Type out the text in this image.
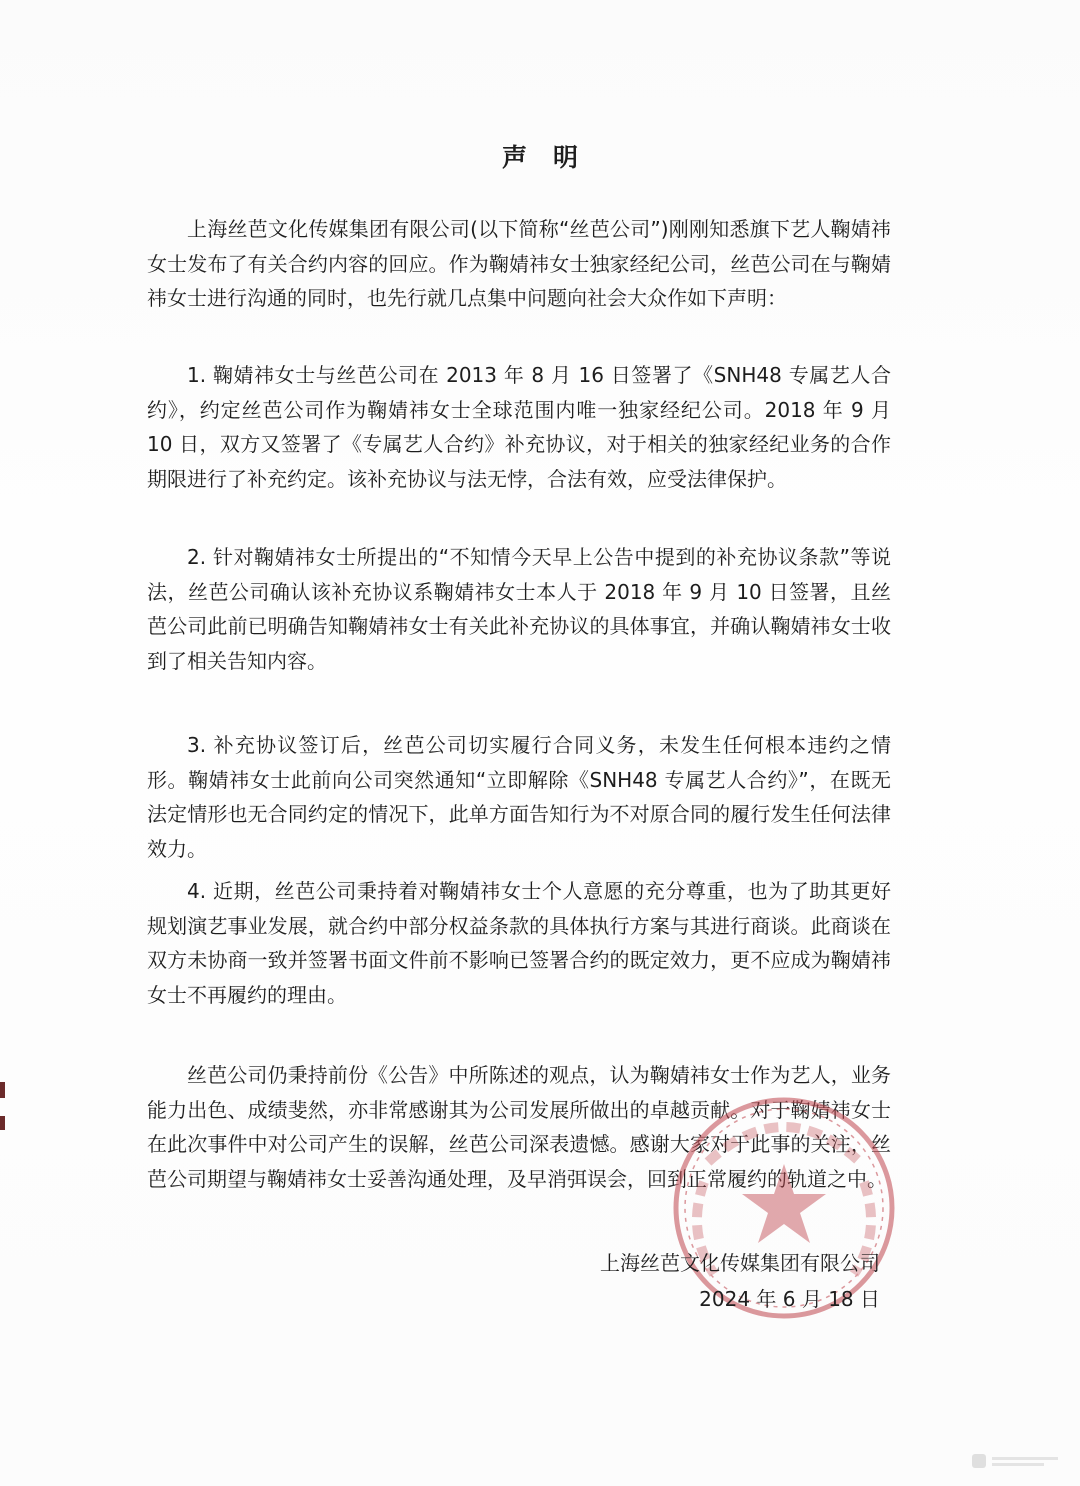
声明

上海丝芭文化传媒集团有限公司(以下简称“丝芭公司”)刚刚知悉旗下艺人鞠婧祎女士发布了有关合约内容的回应。作为鞠婧祎女士独家经纪公司，丝芭公司在与鞠婧祎女士进行沟通的同时，也先行就几点集中问题向社会大众作如下声明：

1. 鞠婧祎女士与丝芭公司在 2013 年 8 月 16 日签署了《SNH48 专属艺人合约》，约定丝芭公司作为鞠婧祎女士全球范围内唯一独家经纪公司。2018 年 9 月 10 日，双方又签署了《专属艺人合约》补充协议，对于相关的独家经纪业务的合作期限进行了补充约定。该补充协议与法无悖，合法有效，应受法律保护。

2. 针对鞠婧祎女士所提出的“不知情今天早上公告中提到的补充协议条款”等说法，丝芭公司确认该补充协议系鞠婧祎女士本人于 2018 年 9 月 10 日签署，且丝芭公司此前已明确告知鞠婧祎女士有关此补充协议的具体事宜，并确认鞠婧祎女士收到了相关告知内容。

3. 补充协议签订后，丝芭公司切实履行合同义务，未发生任何根本违约之情形。鞠婧祎女士此前向公司突然通知“立即解除《SNH48 专属艺人合约》”，在既无法定情形也无合同约定的情况下，此单方面告知行为不对原合同的履行发生任何法律效力。

4. 近期，丝芭公司秉持着对鞠婧祎女士个人意愿的充分尊重，也为了助其更好规划演艺事业发展，就合约中部分权益条款的具体执行方案与其进行商谈。此商谈在双方未协商一致并签署书面文件前不影响已签署合约的既定效力，更不应成为鞠婧祎女士不再履约的理由。

丝芭公司仍秉持前份《公告》中所陈述的观点，认为鞠婧祎女士作为艺人，业务能力出色、成绩斐然，亦非常感谢其为公司发展所做出的卓越贡献。对于鞠婧祎女士在此次事件中对公司产生的误解，丝芭公司深表遗憾。感谢大家对于此事的关注，丝芭公司期望与鞠婧祎女士妥善沟通处理，及早消弭误会，回到正常履约的轨道之中。

上海丝芭文化传媒集团有限公司
2024 年 6 月 18 日
